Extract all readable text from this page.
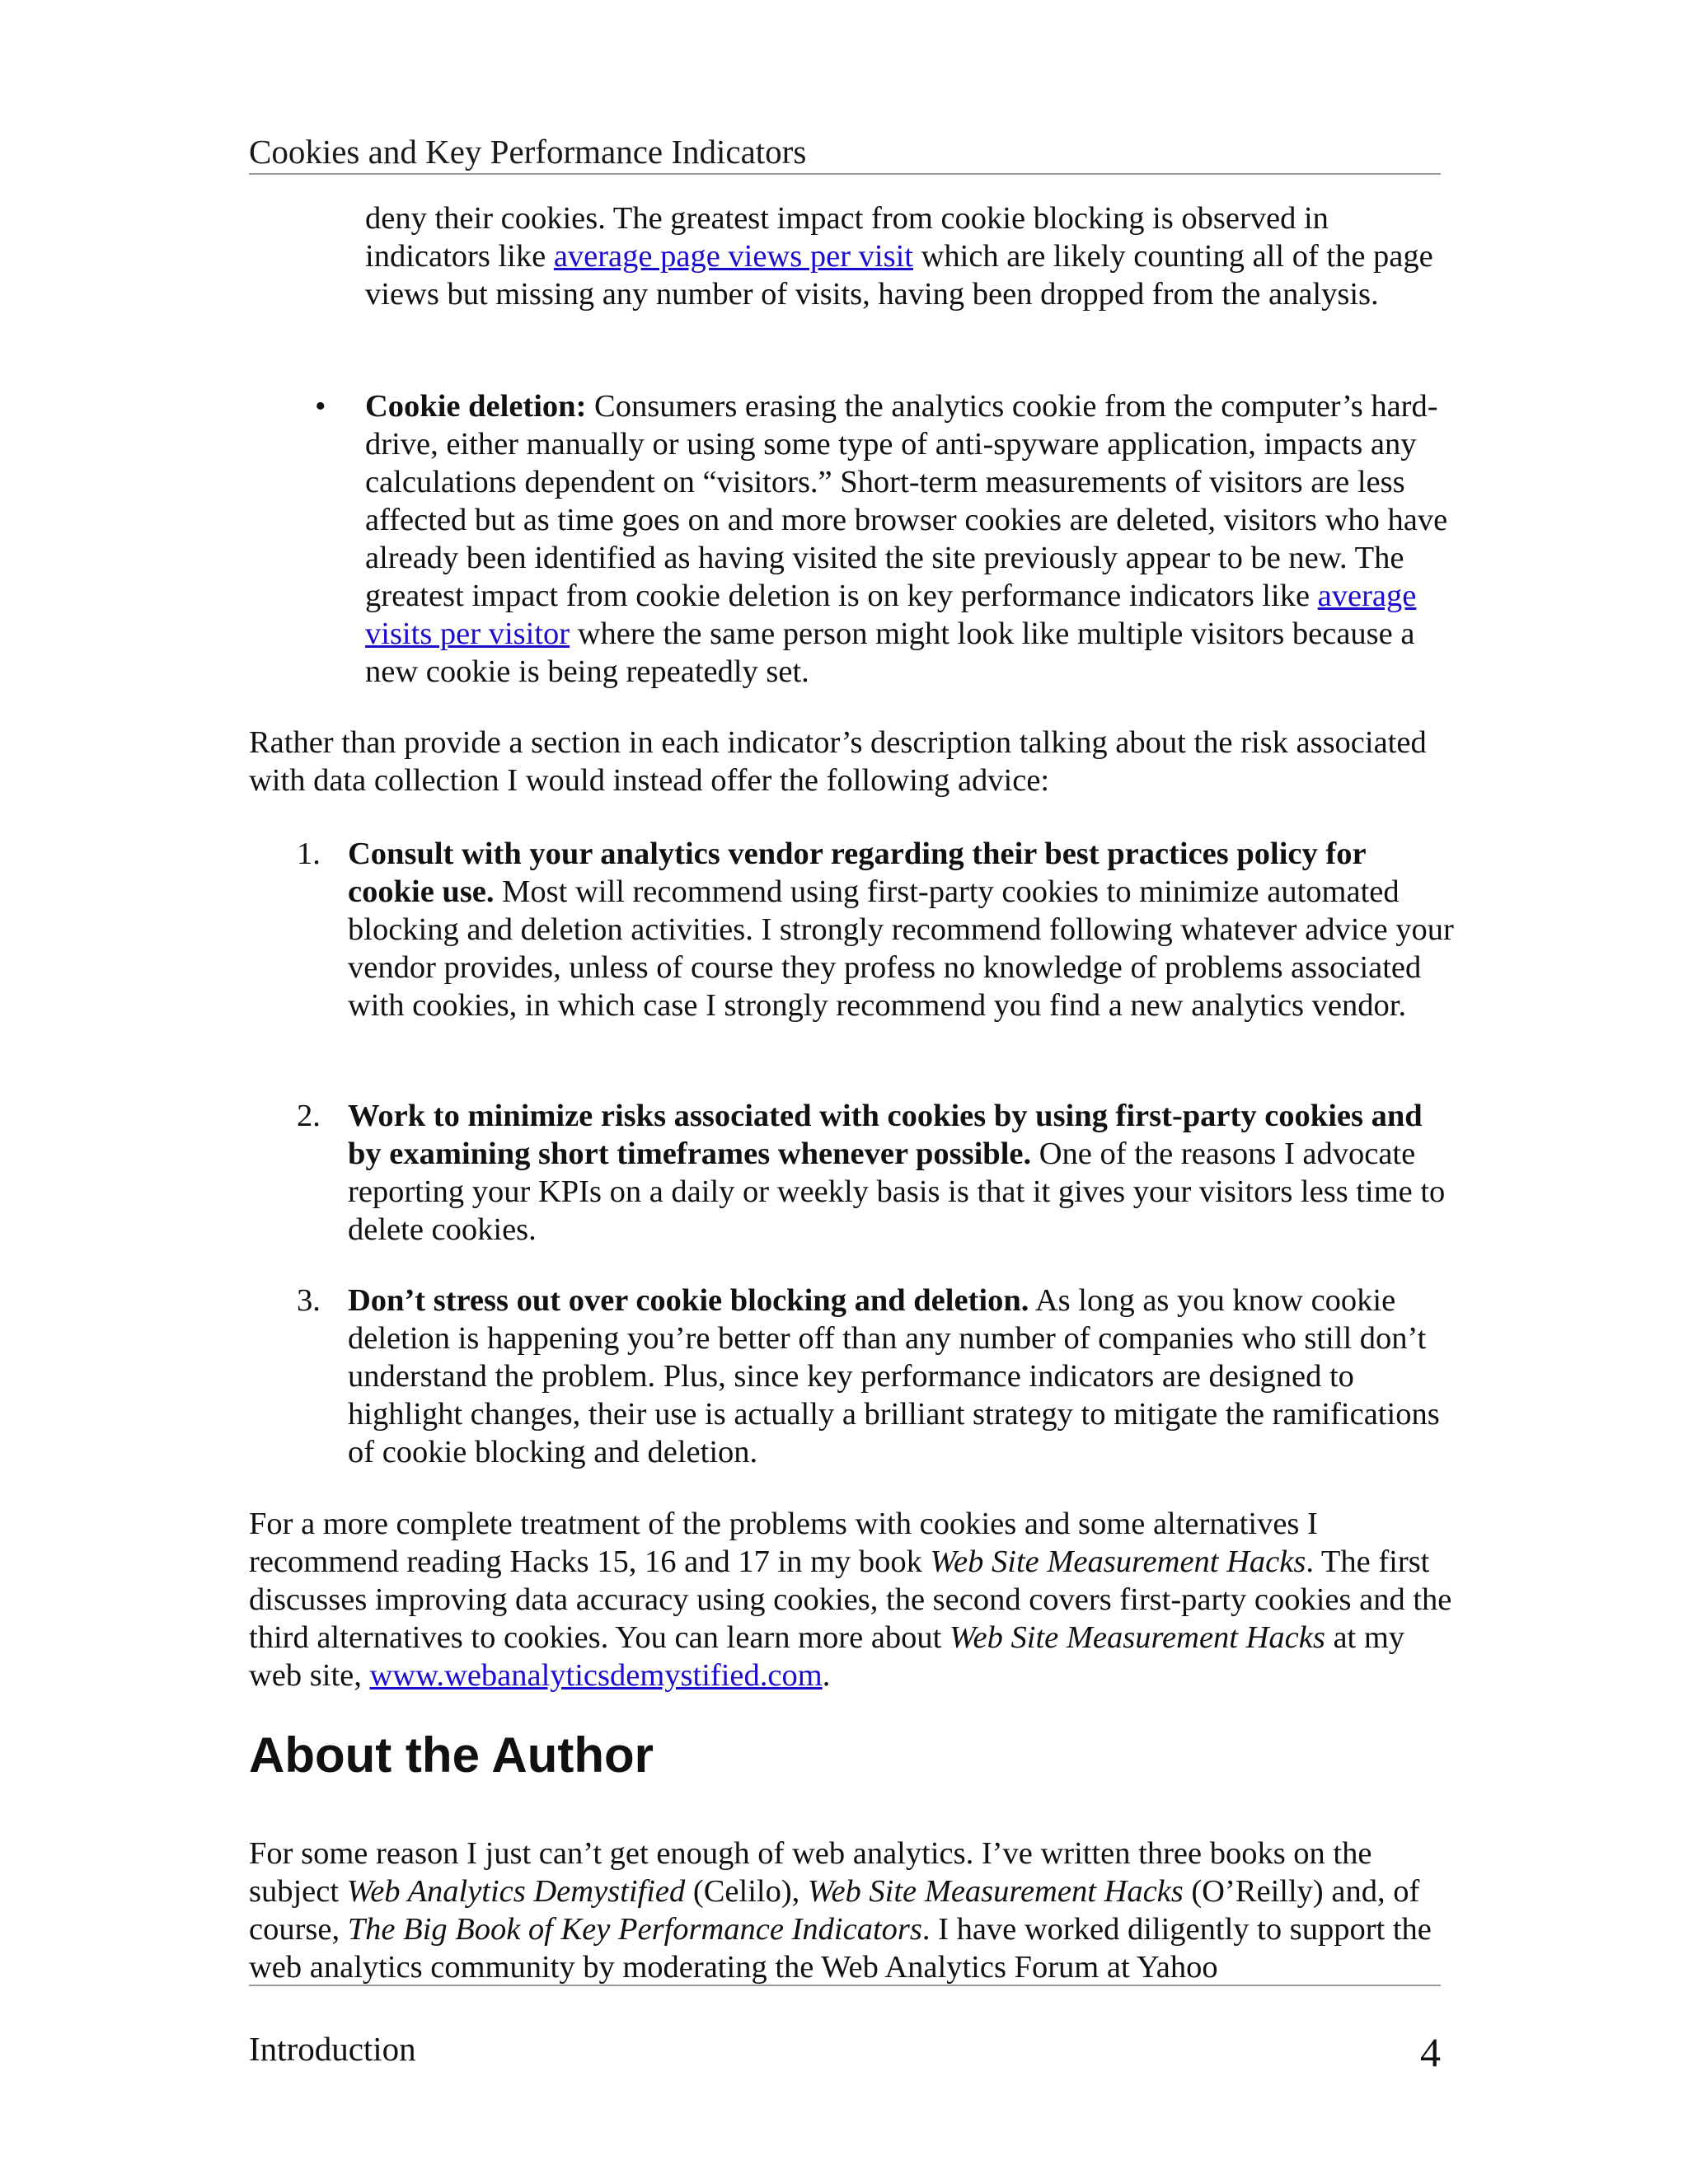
Cookies and Key Performance Indicators

deny their cookies. The greatest impact from cookie blocking is observed in indicators like average page views per visit which are likely counting all of the page views but missing any number of visits, having been dropped from the analysis.

• Cookie deletion: Consumers erasing the analytics cookie from the computer’s hard-drive, either manually or using some type of anti-spyware application, impacts any calculations dependent on “visitors.” Short-term measurements of visitors are less affected but as time goes on and more browser cookies are deleted, visitors who have already been identified as having visited the site previously appear to be new. The greatest impact from cookie deletion is on key performance indicators like average visits per visitor where the same person might look like multiple visitors because a new cookie is being repeatedly set.

Rather than provide a section in each indicator’s description talking about the risk associated with data collection I would instead offer the following advice:

1. Consult with your analytics vendor regarding their best practices policy for cookie use. Most will recommend using first-party cookies to minimize automated blocking and deletion activities. I strongly recommend following whatever advice your vendor provides, unless of course they profess no knowledge of problems associated with cookies, in which case I strongly recommend you find a new analytics vendor.

2. Work to minimize risks associated with cookies by using first-party cookies and by examining short timeframes whenever possible. One of the reasons I advocate reporting your KPIs on a daily or weekly basis is that it gives your visitors less time to delete cookies.

3. Don’t stress out over cookie blocking and deletion. As long as you know cookie deletion is happening you’re better off than any number of companies who still don’t understand the problem. Plus, since key performance indicators are designed to highlight changes, their use is actually a brilliant strategy to mitigate the ramifications of cookie blocking and deletion.

For a more complete treatment of the problems with cookies and some alternatives I recommend reading Hacks 15, 16 and 17 in my book Web Site Measurement Hacks. The first discusses improving data accuracy using cookies, the second covers first-party cookies and the third alternatives to cookies. You can learn more about Web Site Measurement Hacks at my web site, www.webanalyticsdemystified.com.

About the Author

For some reason I just can’t get enough of web analytics. I’ve written three books on the subject Web Analytics Demystified (Celilo), Web Site Measurement Hacks (O’Reilly) and, of course, The Big Book of Key Performance Indicators. I have worked diligently to support the web analytics community by moderating the Web Analytics Forum at Yahoo

Introduction	4
